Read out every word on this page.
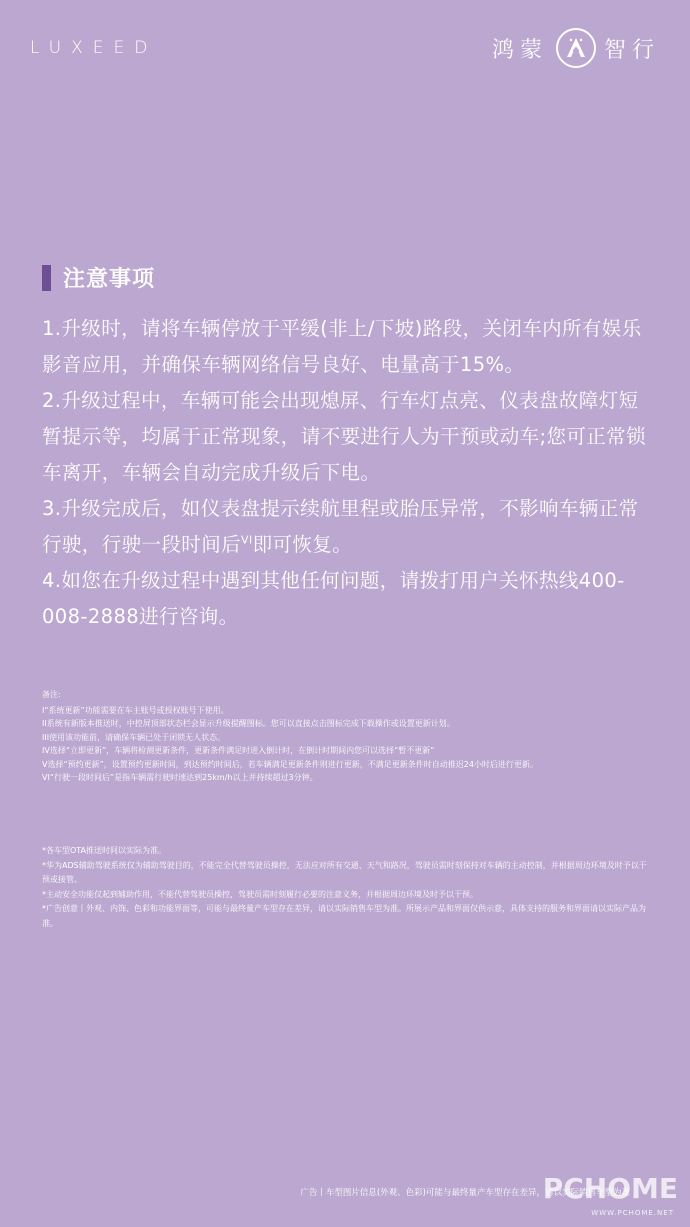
LUXEED	鸿蒙	智行
注意事项

1.升级时，请将车辆停放于平缓(非上/下坡)路段，关闭车内所有娱乐影音应用，并确保车辆网络信号良好、电量高于15%。

2.升级过程中，车辆可能会出现熄屏、行车灯点亮、仪表盘故障灯短暂提示等，均属于正常现象，请不要进行人为干预或动车;您可正常锁车离开，车辆会自动完成升级后下电。

3.升级完成后，如仪表盘提示续航里程或胎压异常，不影响车辆正常行驶，行驶一段时间后$^{VI}$即可恢复。

4.如您在升级过程中遇到其他任何问题，请拨打用户关怀热线400-008-2888进行咨询。

备注:

I“系统更新”功能需要在车主账号或授权账号下使用。

II系统有新版本推送时，中控屏顶部状态栏会显示升级提醒图标。您可以直接点击图标完成下载操作或设置更新计划。

III使用该功能前，请确保车辆已处于闭锁无人状态。

IV选择“立即更新”，车辆将检测更新条件，更新条件满足时进入倒计时，在倒计时期间内您可以选择“暂不更新”

V选择“预约更新”，设置预约更新时间，到达预约时间后，若车辆满足更新条件则进行更新，不满足更新条件时自动推迟24小时后进行更新。

VI“行驶一段时间后”是指车辆需行驶时速达到25km/h以上并持续超过3分钟。

*各车型OTA推送时间以实际为准。

*华为ADS辅助驾驶系统仅为辅助驾驶目的，不能完全代替驾驶员操控，无法应对所有交通、天气和路况，驾驶员需时刻保持对车辆的主动控制，并根据周边环境及时予以干预或接管。

*主动安全功能仅起到辅助作用，不能代替驾驶员操控，驾驶员需时刻履行必要的注意义务，并根据周边环境及时予以干预。

*广告创意丨外观、内饰、色彩和功能界面等，可能与最终量产车型存在差异，请以实际销售车型为准。所展示产品和界面仅供示意，具体支持的服务和界面请以实际产品为准。

广告丨车型图片信息(外观、色彩)可能与最终量产车型存在差异，请以实际销售车型为准
PCHOME
WWW.PCHOME.NET
